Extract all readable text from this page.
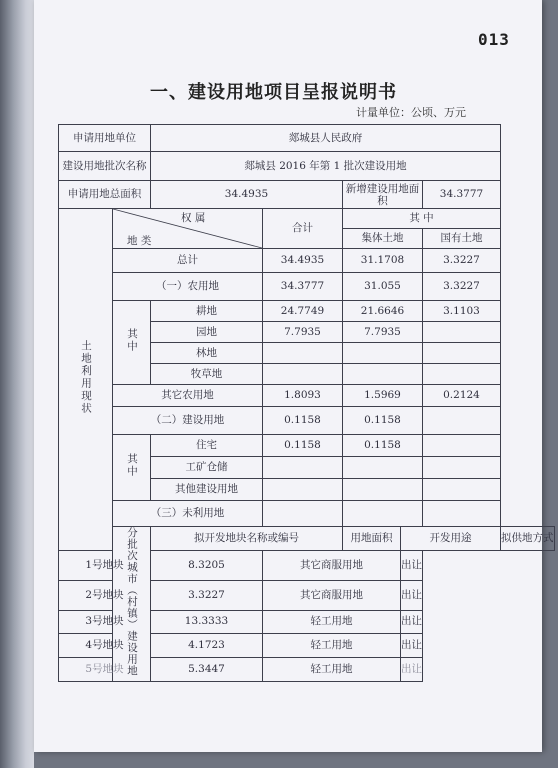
013
一、建设用地项目呈报说明书
计量单位：公顷、万元
申请用地单位		郯城县人民政府					
建设用地批次名称		郯城县 2016 年第 1 批次建设用地					
申请用地总面积		34.4935		新增建设用地面积		34.3777	
土地利用现状	权 属
地 类		合计	其 中			
				集体土地		国有土地	
	总计		34.4935	31.1708		3.3227	
	（一）农用地		34.3777	31.055		3.3227	
	其中	耕地	24.7749	21.6646		3.1103	
		园地	7.7935	7.7935			
		林地					
		牧草地					
	其它农用地		1.8093	1.5969		0.2124	
	（二）建设用地		0.1158	0.1158			
	其中	住宅	0.1158	0.1158			
		工矿仓储					
		其他建设用地					
	（三）未利用地						
	分批次城市（村镇）建设用地	拟开发地块名称或编号		用地面积	开发用途		拟供地方式
1号地块		8.3205	其它商服用地		出让		
2号地块		3.3227	其它商服用地		出让		
3号地块		13.3333	轻工用地		出让		
4号地块		4.1723	轻工用地		出让		
5号地块		5.3447	轻工用地		出让		
